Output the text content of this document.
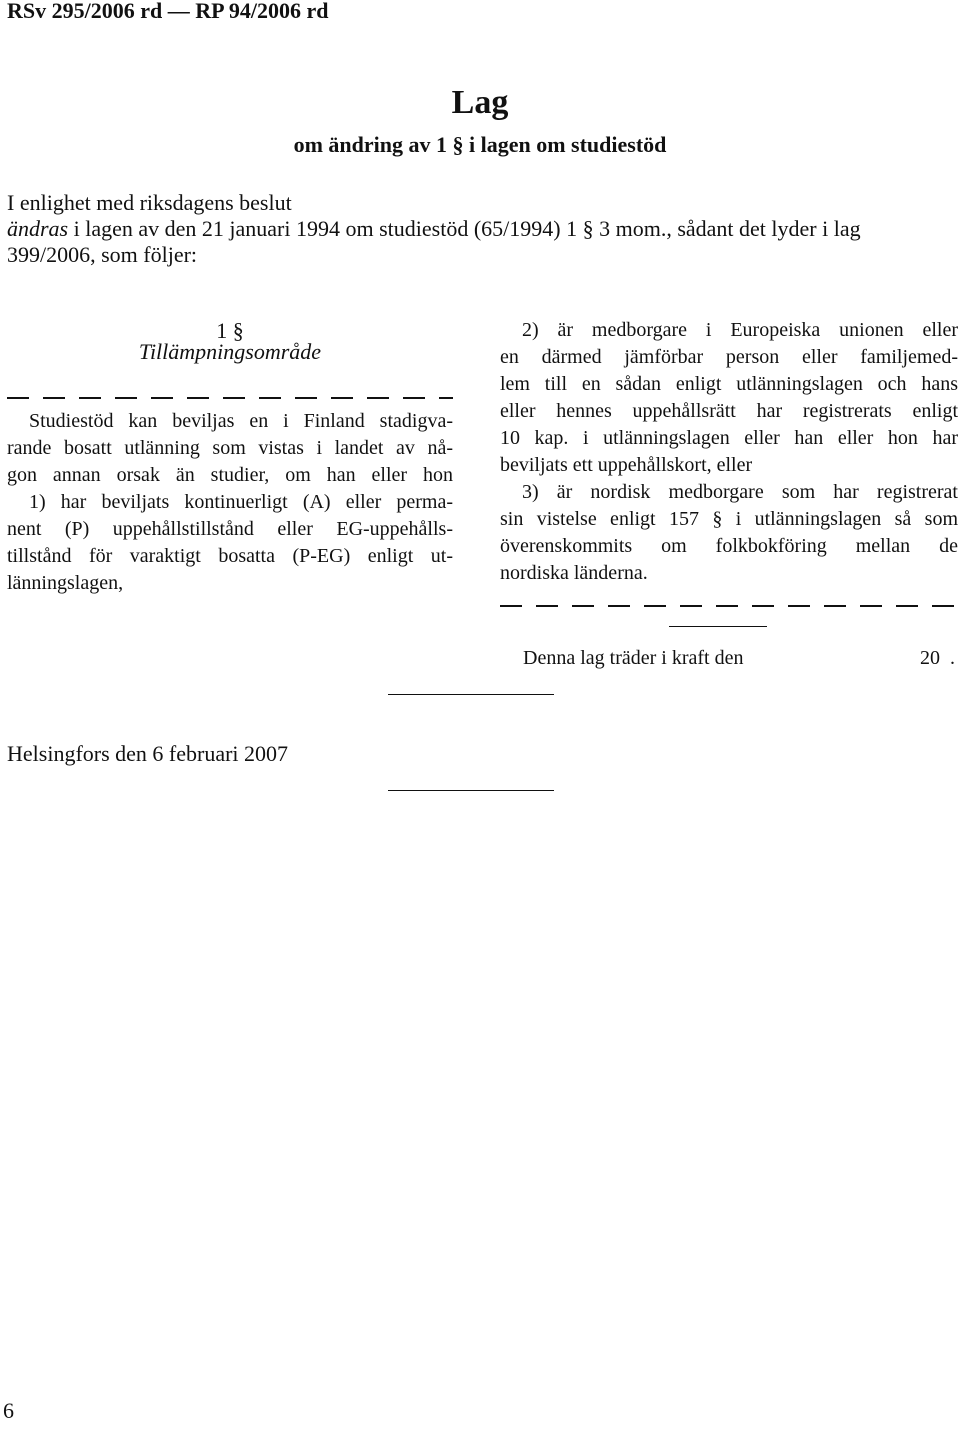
RSv 295/2006 rd — RP 94/2006 rd
Lag
om ändring av 1 § i lagen om studiestöd
I enlighet med riksdagens beslut
ändras i lagen av den 21 januari 1994 om studiestöd (65/1994) 1 § 3 mom., sådant det lyder i lag
399/2006, som följer:
1 §
Tillämpningsområde
Studiestöd kan beviljas en i Finland stadigva-
rande bosatt utlänning som vistas i landet av nå-
gon annan orsak än studier, om han eller hon
1) har beviljats kontinuerligt (A) eller perma-
nent (P) uppehållstillstånd eller EG-uppehålls-
tillstånd för varaktigt bosatta (P-EG) enligt ut-
länningslagen,
2) är medborgare i Europeiska unionen eller
en därmed jämförbar person eller familjemed-
lem till en sådan enligt utlänningslagen och hans
eller hennes uppehållsrätt har registrerats enligt
10 kap. i utlänningslagen eller han eller hon har
beviljats ett uppehållskort, eller
3) är nordisk medborgare som har registrerat
sin vistelse enligt 157 § i utlänningslagen så som
överenskommits om folkbokföring mellan de
nordiska länderna.
Denna lag träder i kraft den	20 .
Helsingfors den 6 februari 2007
6
